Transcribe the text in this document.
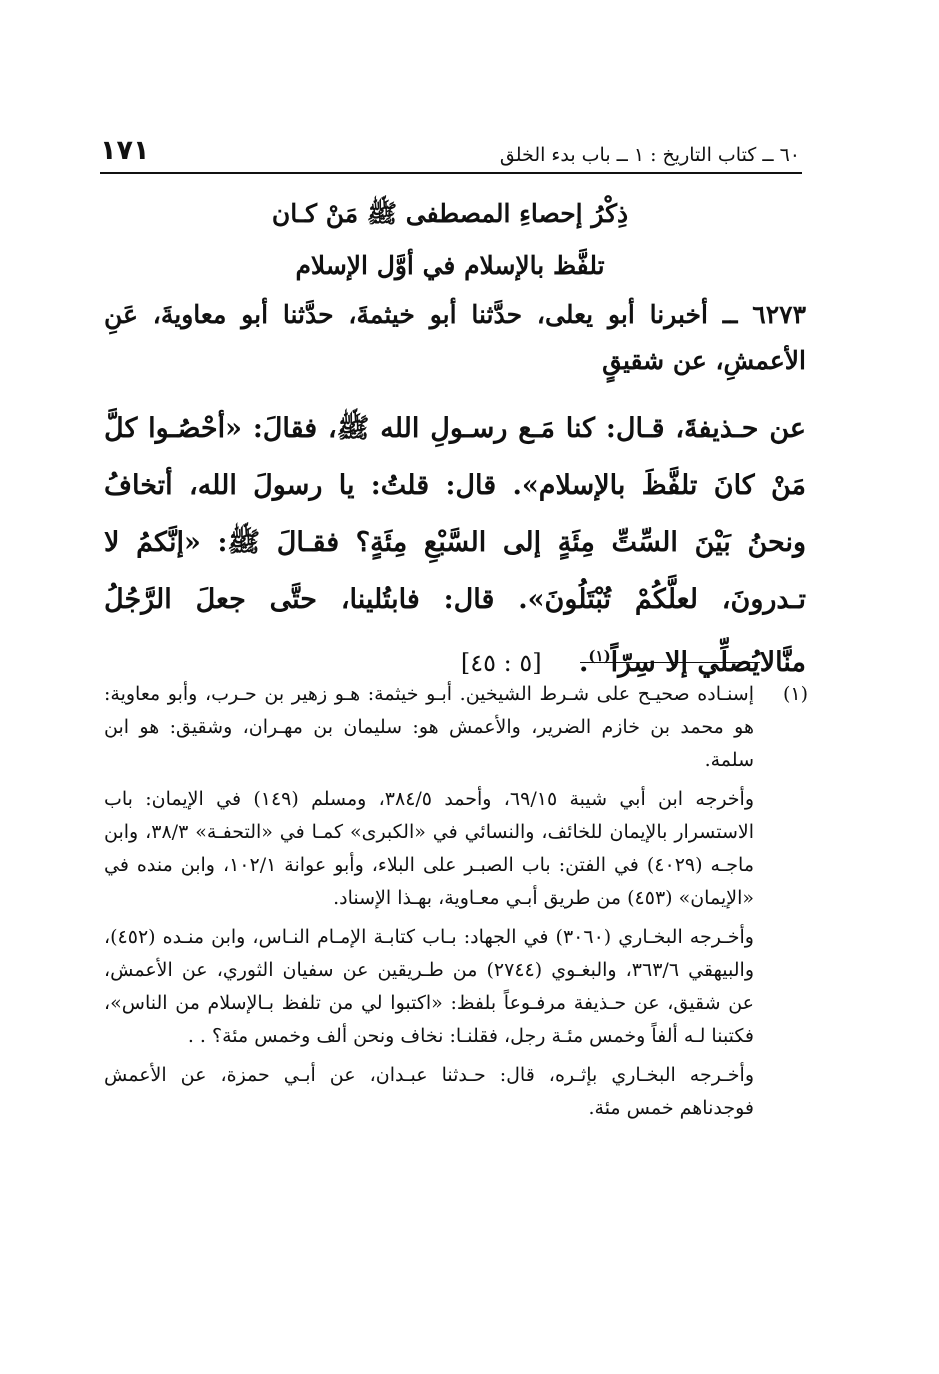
٦٠ ــ كتاب التاريخ : ١ ــ باب بدء الخلق
١٧١
ذِكْرُ إحصاءِ المصطفى ﷺ مَنْ كـان
تلفَّظ بالإسلام في أوَّل الإسلام

٦٢٧٣ ــ أخبرنا أبو يعلى، حدَّثنا أبو خيثمةَ، حدَّثنا أبو معاويةَ، عَنِ الأعمشِ، عن شقيقٍ

عن حـذيفةَ، قـال: كنا مَـع رسـولِ الله ﷺ، فقالَ: «أحْصُـوا كلَّ مَنْ كانَ تلفَّظَ بالإسلام». قال: قلتُ: يا رسولَ الله، أتخافُ ونحنُ بَيْنَ السِّتِّ مِئَةٍ إلى السَّبْعِ مِئَةٍ؟ فقـالَ ﷺ: «إنَّكمُ لا تـدرونَ، لعلَّكُمْ تُبْتَلُونَ». قال: فابتُلينا، حتَّى جعلَ الرَّجُلُ منَّالايُصلِّي إلا سِرّاً$^{(١)}$. [٥ : ٤٥]

(١)
إسنـاده صحيـح على شـرط الشيخين. أبـو خيثمة: هـو زهير بن حـرب، وأبو معاوية: هو محمد بن خازم الضرير، والأعمش هو: سليمان بن مهـران، وشقيق: هو ابن سلمة.

وأخرجه ابن أبي شيبة ٦٩/١٥، وأحمد ٣٨٤/٥، ومسلم (١٤٩) في الإيمان: باب الاستسرار بالإيمان للخائف، والنسائي في «الكبرى» كمـا في «التحفـة» ٣٨/٣، وابن ماجـه (٤٠٢٩) في الفتن: باب الصبـر على البلاء، وأبو عوانة ١٠٢/١، وابن منده في «الإيمان» (٤٥٣) من طريق أبـي معـاوية، بهـذا الإسناد.

وأخـرجه البخـاري (٣٠٦٠) في الجهاد: بـاب كتابـة الإمـام النـاس، وابن منـده (٤٥٢)، والبيهقي ٣٦٣/٦، والبغـوي (٢٧٤٤) من طـريقين عن سفيان الثوري، عن الأعمش، عن شقيق، عن حـذيفة مرفـوعاً بلفظ: «اكتبوا لي من تلفظ بـالإسلام من الناس»، فكتبنا لـه ألفاً وخمس مئـة رجل، فقلنـا: نخاف ونحن ألف وخمس مئة؟ . .

وأخـرجه البخـاري بإثـره، قال: حـدثنا عبـدان، عن أبـي حمزة، عن الأعمش فوجدناهم خمس مئة.
